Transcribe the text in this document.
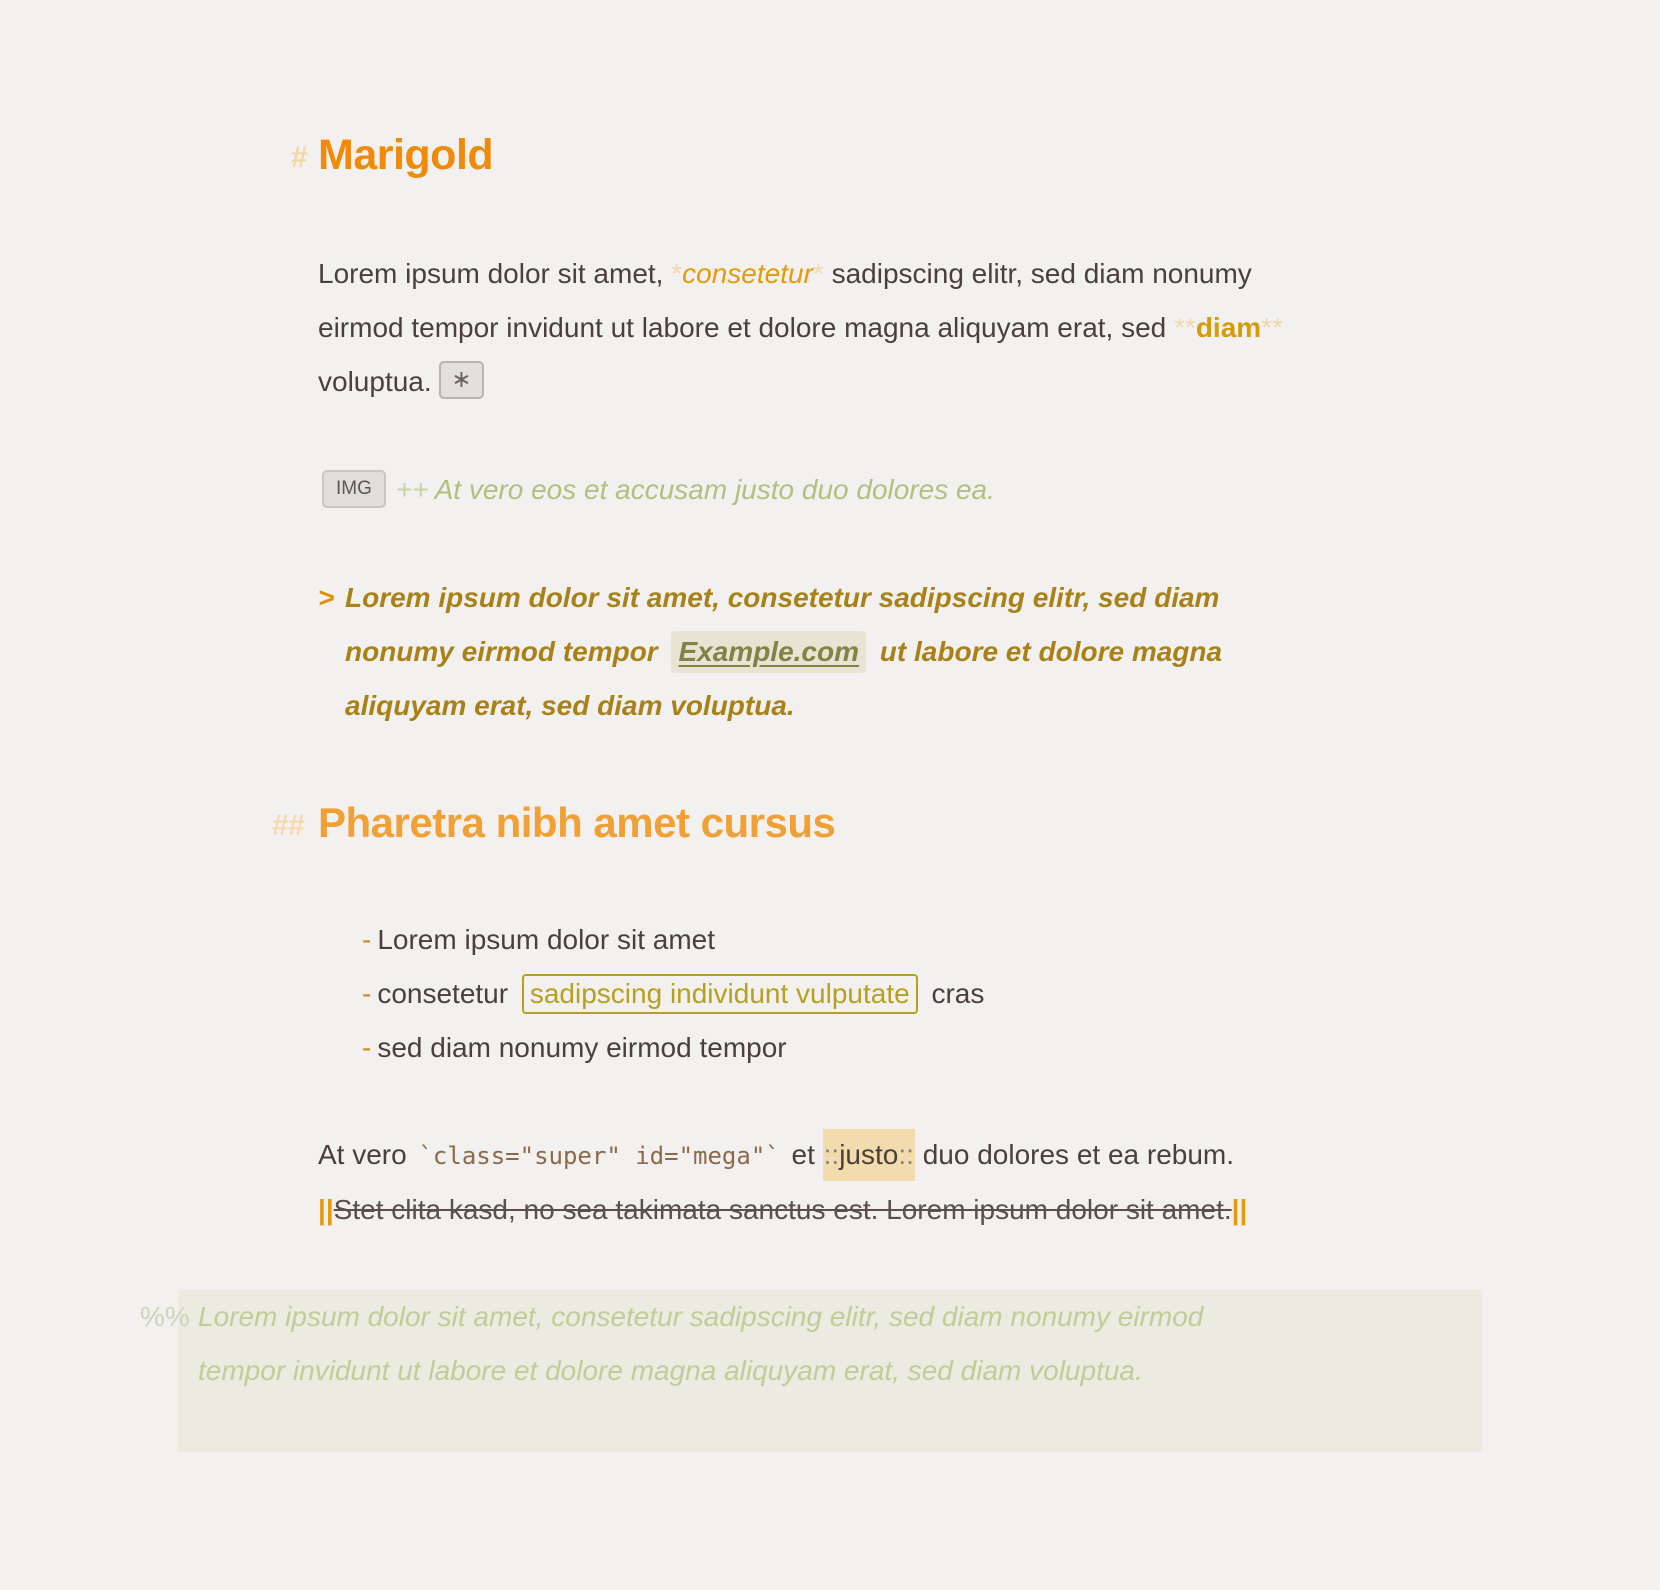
# Marigold
Lorem ipsum dolor sit amet, *consetetur* sadipscing elitr, sed diam nonumy eirmod tempor invidunt ut labore et dolore magna aliquyam erat, sed **diam** voluptua. ∗
IMG ++ At vero eos et accusam justo duo dolores ea.
> Lorem ipsum dolor sit amet, consetetur sadipscing elitr, sed diam nonumy eirmod tempor Example.com ut labore et dolore magna aliquyam erat, sed diam voluptua.
## Pharetra nibh amet cursus
- Lorem ipsum dolor sit amet
- consetetur sadipscing individunt vulputate cras
- sed diam nonumy eirmod tempor
At vero `class="super" id="mega"` et ::justo:: duo dolores et ea rebum.
||Stet clita kasd, no sea takimata sanctus est. Lorem ipsum dolor sit amet.||
%% Lorem ipsum dolor sit amet, consetetur sadipscing elitr, sed diam nonumy eirmod tempor invidunt ut labore et dolore magna aliquyam erat, sed diam voluptua.
